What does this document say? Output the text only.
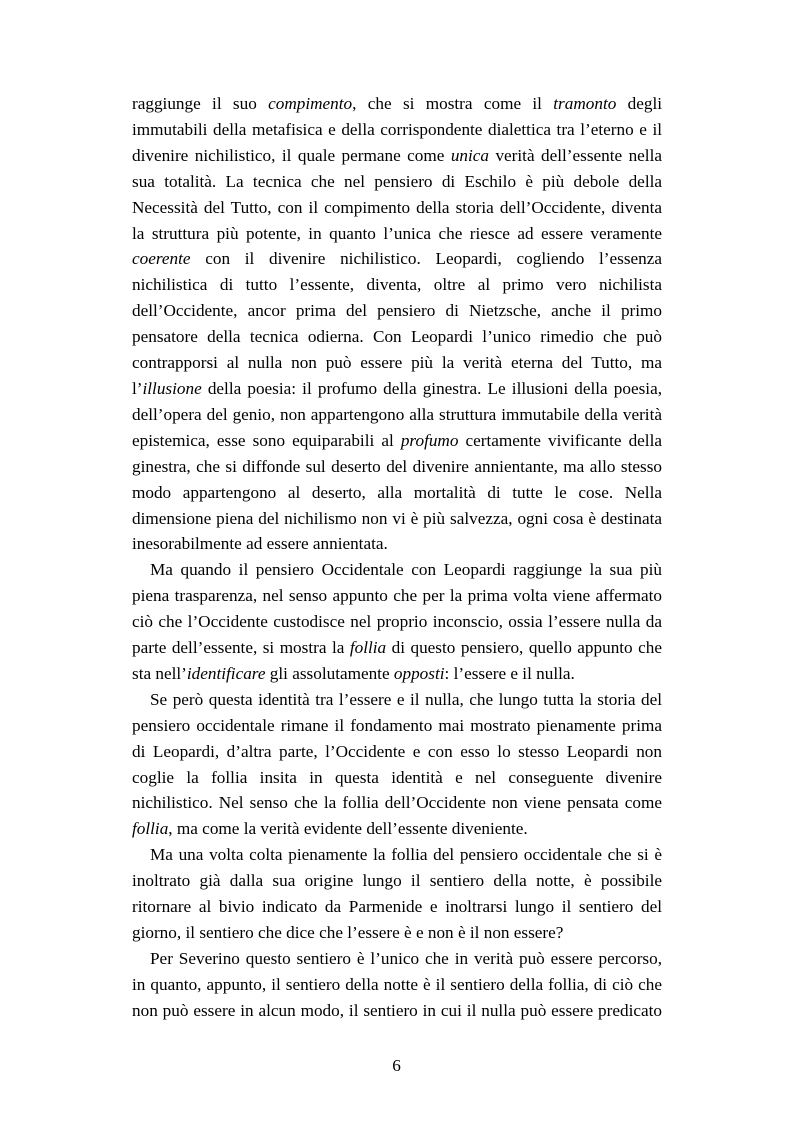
raggiunge il suo compimento, che si mostra come il tramonto degli
immutabili della metafisica e della corrispondente dialettica tra l’eterno e il
divenire nichilistico, il quale permane come unica verità dell’essente nella
sua totalità. La tecnica che nel pensiero di Eschilo è più debole della
Necessità del Tutto, con il compimento della storia dell’Occidente, diventa
la struttura più potente, in quanto l’unica che riesce ad essere veramente
coerente con il divenire nichilistico. Leopardi, cogliendo l’essenza
nichilistica di tutto l’essente, diventa, oltre al primo vero nichilista
dell’Occidente, ancor prima del pensiero di Nietzsche, anche il primo
pensatore della tecnica odierna. Con Leopardi l’unico rimedio che può
contrapporsi al nulla non può essere più la verità eterna del Tutto, ma
l’illusione della poesia: il profumo della ginestra. Le illusioni della poesia,
dell’opera del genio, non appartengono alla struttura immutabile della verità
epistemica, esse sono equiparabili al profumo certamente vivificante della
ginestra, che si diffonde sul deserto del divenire annientante, ma allo stesso
modo appartengono al deserto, alla mortalità di tutte le cose. Nella
dimensione piena del nichilismo non vi è più salvezza, ogni cosa è destinata
inesorabilmente ad essere annientata.
Ma quando il pensiero Occidentale con Leopardi raggiunge la sua più
piena trasparenza, nel senso appunto che per la prima volta viene affermato
ciò che l’Occidente custodisce nel proprio inconscio, ossia l’essere nulla da
parte dell’essente, si mostra la follia di questo pensiero, quello appunto che
sta nell’identificare gli assolutamente opposti: l’essere e il nulla.
Se però questa identità tra l’essere e il nulla, che lungo tutta la storia del
pensiero occidentale rimane il fondamento mai mostrato pienamente prima
di Leopardi, d’altra parte, l’Occidente e con esso lo stesso Leopardi non
coglie la follia insita in questa identità e nel conseguente divenire
nichilistico. Nel senso che la follia dell’Occidente non viene pensata come
follia, ma come la verità evidente dell’essente diveniente.
Ma una volta colta pienamente la follia del pensiero occidentale che si è
inoltrato già dalla sua origine lungo il sentiero della notte, è possibile
ritornare al bivio indicato da Parmenide e inoltrarsi lungo il sentiero del
giorno, il sentiero che dice che l’essere è e non è il non essere?
Per Severino questo sentiero è l’unico che in verità può essere percorso,
in quanto, appunto, il sentiero della notte è il sentiero della follia, di ciò che
non può essere in alcun modo, il sentiero in cui il nulla può essere predicato
6
